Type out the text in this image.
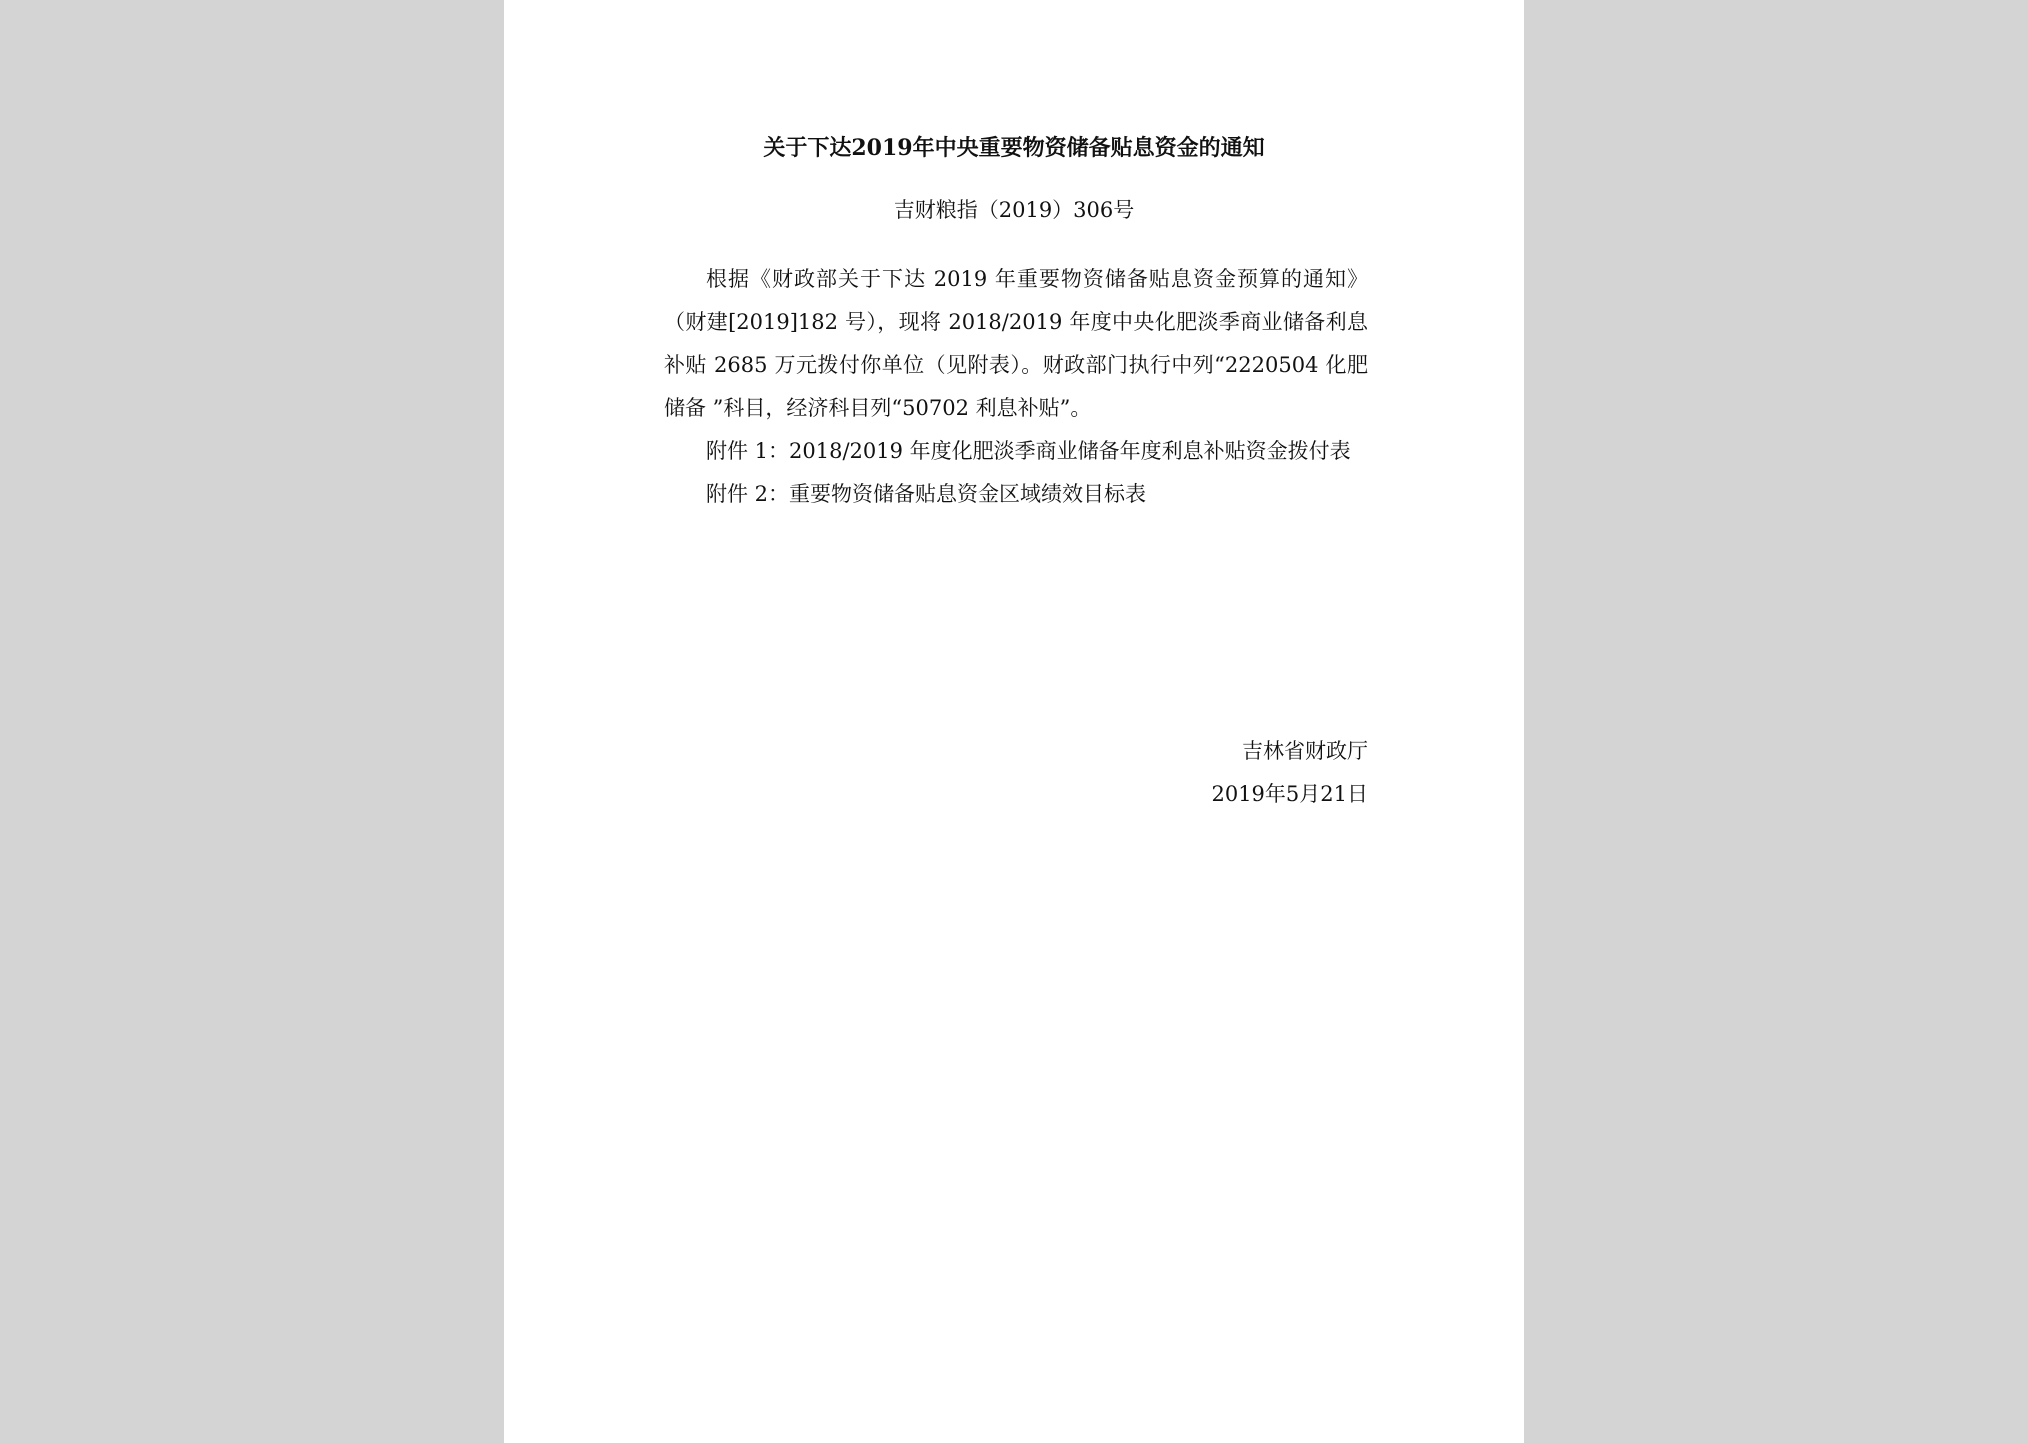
关于下达2019年中央重要物资储备贴息资金的通知
吉财粮指（2019）306号

根据《财政部关于下达 2019 年重要物资储备贴息资金预算的通知》（财建[2019]182 号），现将 2018/2019 年度中央化肥淡季商业储备利息补贴 2685 万元拨付你单位（见附表）。财政部门执行中列“2220504 化肥储备 ”科目，经济科目列“50702 利息补贴”。

附件 1：2018/2019 年度化肥淡季商业储备年度利息补贴资金拨付表

附件 2：重要物资储备贴息资金区域绩效目标表

吉林省财政厅
2019年5月21日
